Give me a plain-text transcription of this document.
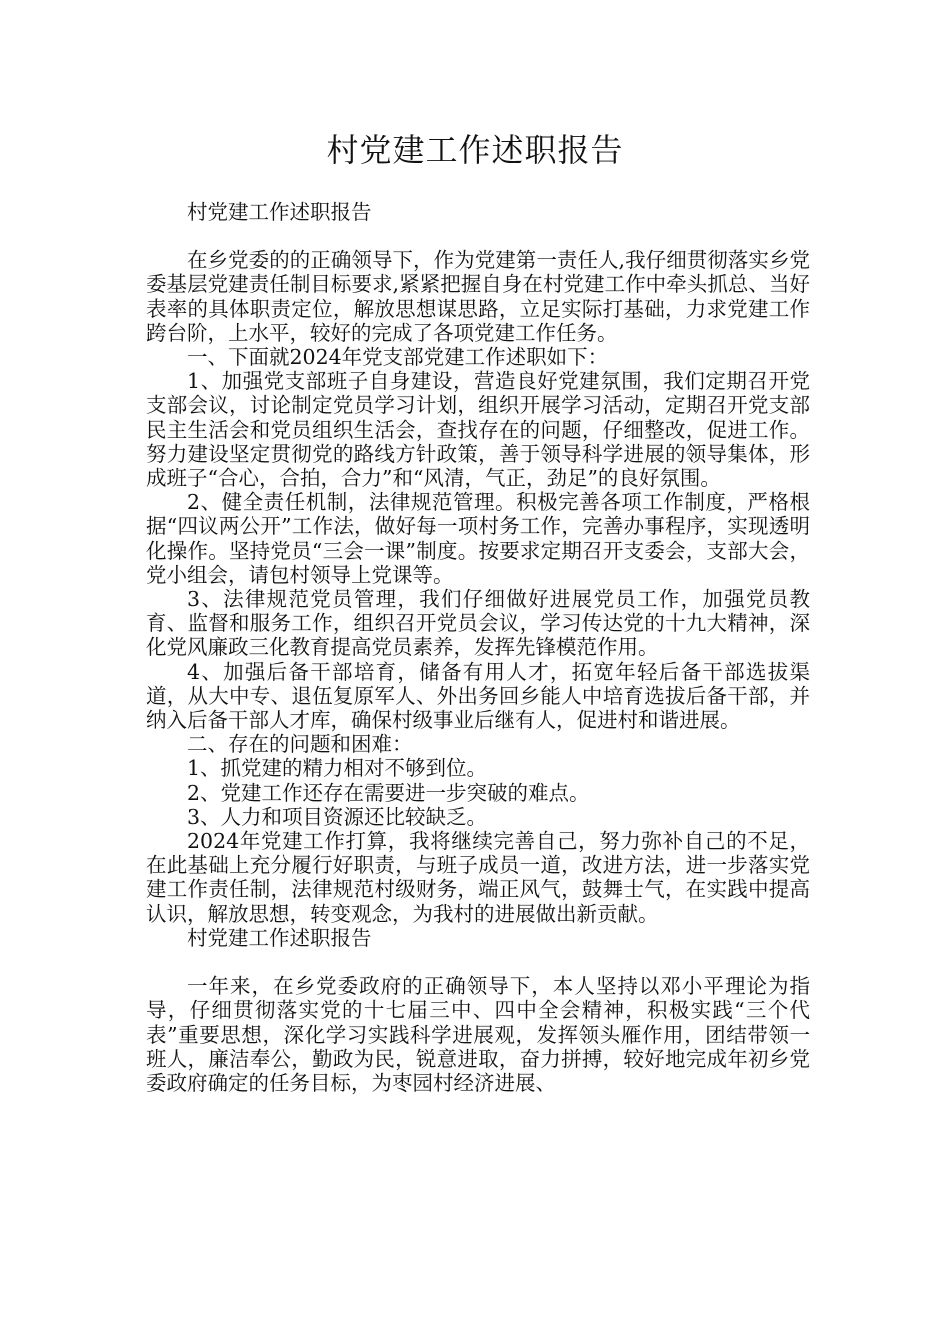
村党建工作述职报告

村党建工作述职报告

在乡党委的的正确领导下，作为党建第一责任人,我仔细贯彻落实乡党委基层党建责任制目标要求,紧紧把握自身在村党建工作中牵头抓总、当好表率的具体职责定位，解放思想谋思路，立足实际打基础，力求党建工作跨台阶，上水平，较好的完成了各项党建工作任务。

一、下面就2024年党支部党建工作述职如下：

1、加强党支部班子自身建设，营造良好党建氛围，我们定期召开党支部会议，讨论制定党员学习计划，组织开展学习活动，定期召开党支部民主生活会和党员组织生活会，查找存在的问题，仔细整改，促进工作。努力建设坚定贯彻党的路线方针政策，善于领导科学进展的领导集体，形成班子“合心，合拍，合力”和“风清，气正，劲足”的良好氛围。

2、健全责任机制，法律规范管理。积极完善各项工作制度，严格根据“四议两公开”工作法，做好每一项村务工作，完善办事程序，实现透明化操作。坚持党员“三会一课”制度。按要求定期召开支委会，支部大会，党小组会，请包村领导上党课等。

3、法律规范党员管理，我们仔细做好进展党员工作，加强党员教育、监督和服务工作，组织召开党员会议，学习传达党的十九大精神，深化党风廉政三化教育提高党员素养，发挥先锋模范作用。

4、加强后备干部培育，储备有用人才，拓宽年轻后备干部选拔渠道，从大中专、退伍复原军人、外出务回乡能人中培育选拔后备干部，并纳入后备干部人才库，确保村级事业后继有人，促进村和谐进展。

二、存在的问题和困难：

1、抓党建的精力相对不够到位。

2、党建工作还存在需要进一步突破的难点。

3、人力和项目资源还比较缺乏。

2024年党建工作打算，我将继续完善自己，努力弥补自己的不足，在此基础上充分履行好职责，与班子成员一道，改进方法，进一步落实党建工作责任制，法律规范村级财务，端正风气，鼓舞士气，在实践中提高认识，解放思想，转变观念，为我村的进展做出新贡献。

村党建工作述职报告

一年来，在乡党委政府的正确领导下，本人坚持以邓小平理论为指导，仔细贯彻落实党的十七届三中、四中全会精神，积极实践“三个代表”重要思想，深化学习实践科学进展观，发挥领头雁作用，团结带领一班人，廉洁奉公，勤政为民，锐意进取，奋力拼搏，较好地完成年初乡党委政府确定的任务目标，为枣园村经济进展、
